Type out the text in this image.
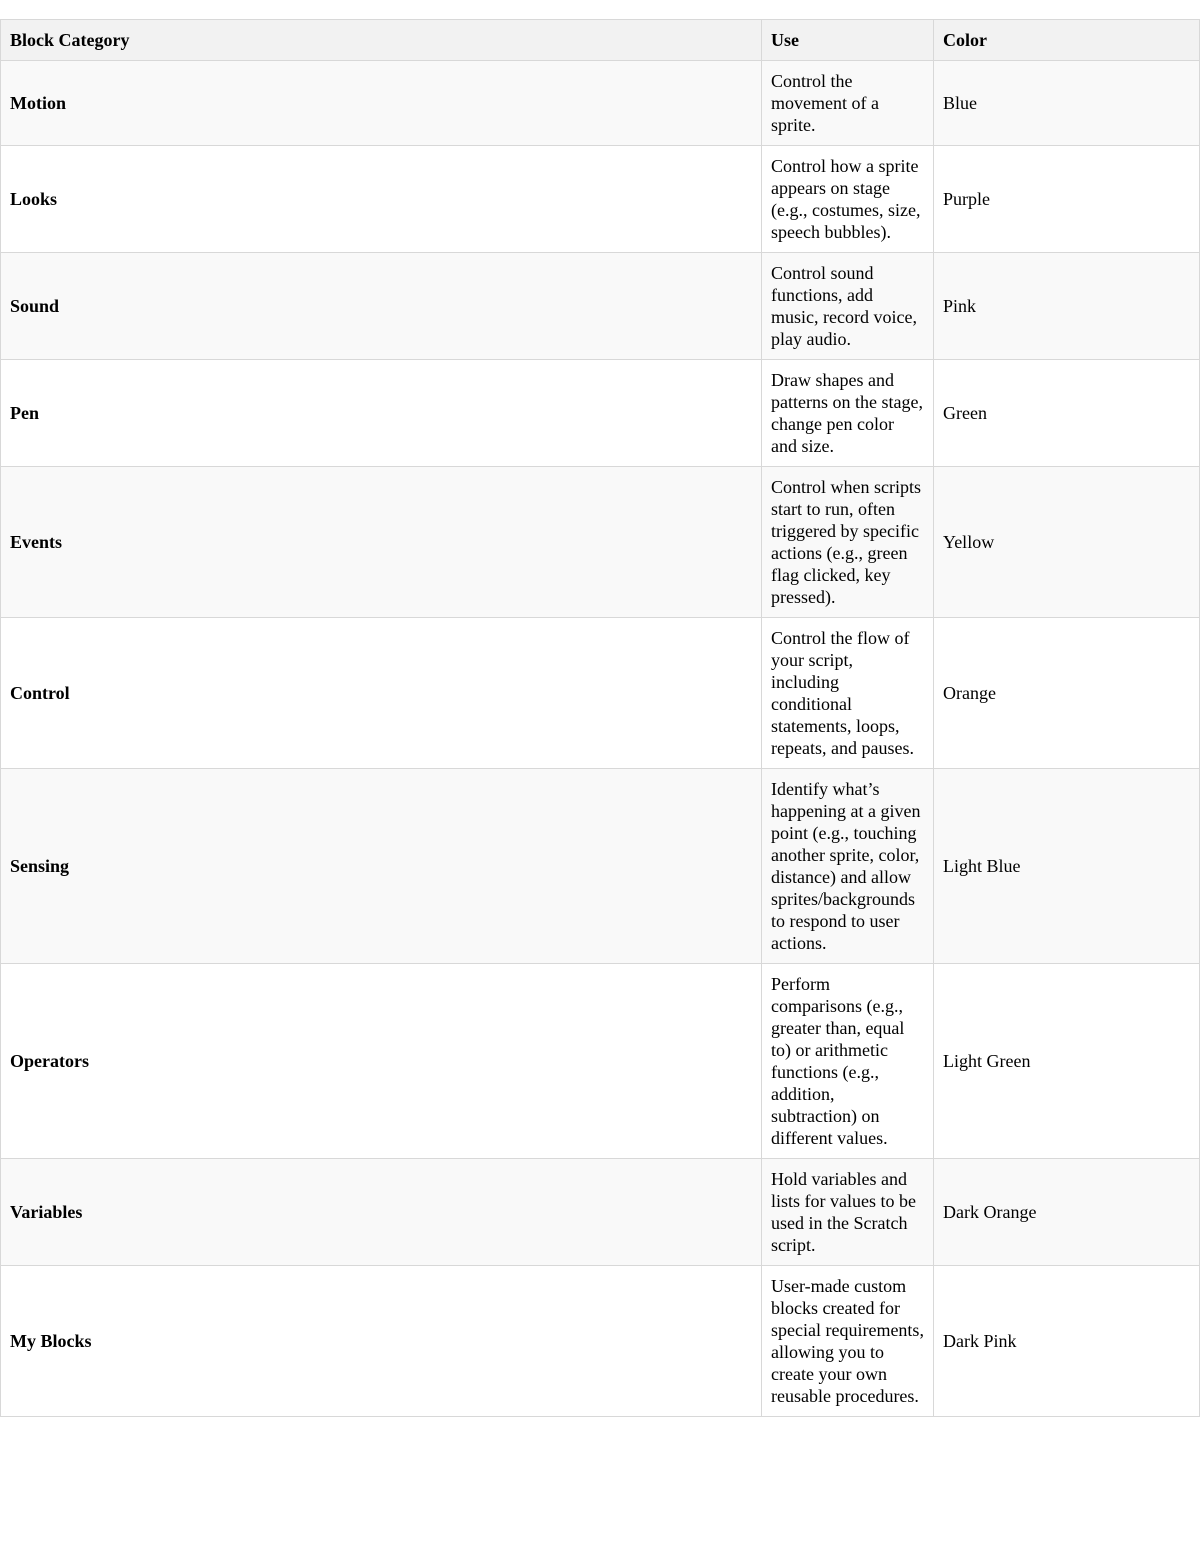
Block Category	Use	Color
Motion	Control the movement of a sprite.	Blue
Looks	Control how a sprite appears on stage (e.g., costumes, size, speech bubbles).	Purple
Sound	Control sound functions, add music, record voice, play audio.	Pink
Pen	Draw shapes and patterns on the stage, change pen color and size.	Green
Events	Control when scripts start to run, often triggered by specific actions (e.g., green flag clicked, key pressed).	Yellow
Control	Control the flow of your script, including conditional statements, loops, repeats, and pauses.	Orange
Sensing	Identify what’s happening at a given point (e.g., touching another sprite, color, distance) and allow sprites/backgrounds to respond to user actions.	Light Blue
Operators	Perform comparisons (e.g., greater than, equal to) or arithmetic functions (e.g., addition, subtraction) on different values.	Light Green
Variables	Hold variables and lists for values to be used in the Scratch script.	Dark Orange
My Blocks	User-made custom blocks created for special requirements, allowing you to create your own reusable procedures.	Dark Pink
